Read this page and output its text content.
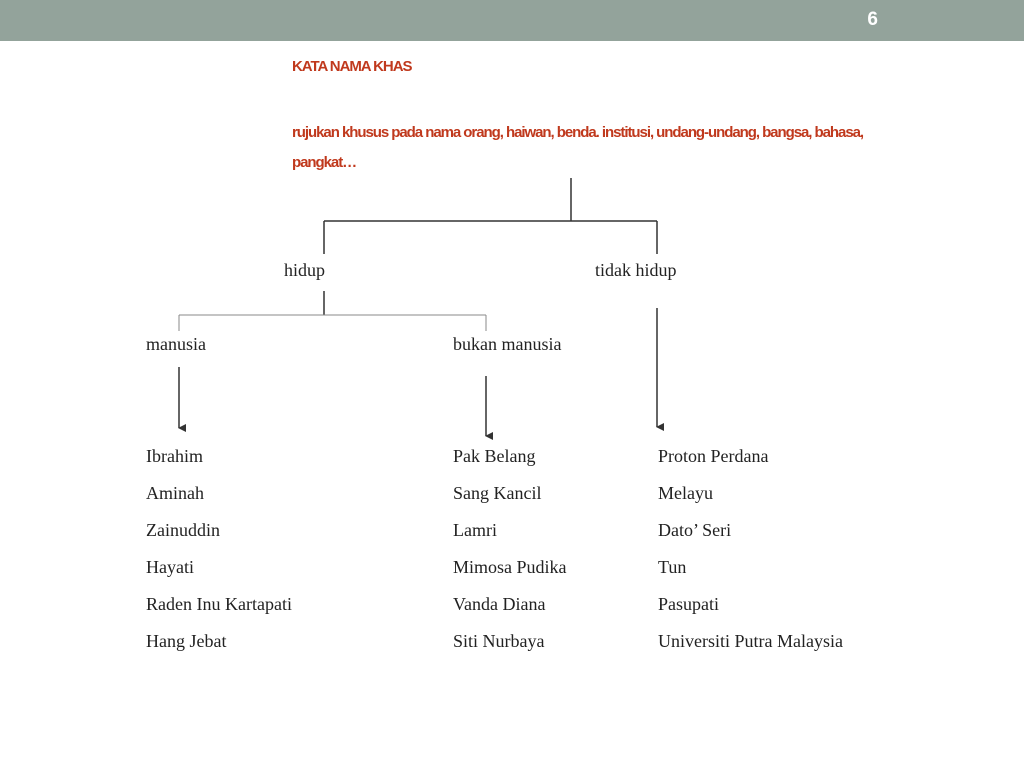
6
KATA NAMA KHAS
rujukan khusus pada nama orang, haiwan, benda. institusi, undang-undang, bangsa, bahasa, pangkat…
hidup	tidak hidup
manusia	bukan manusia
Ibrahim
Aminah
Zainuddin
Hayati
Raden Inu Kartapati
Hang Jebat
Pak Belang
Sang Kancil
Lamri
Mimosa Pudika
Vanda Diana
Siti Nurbaya
Proton Perdana
Melayu
Dato’ Seri
Tun
Pasupati
Universiti Putra Malaysia
